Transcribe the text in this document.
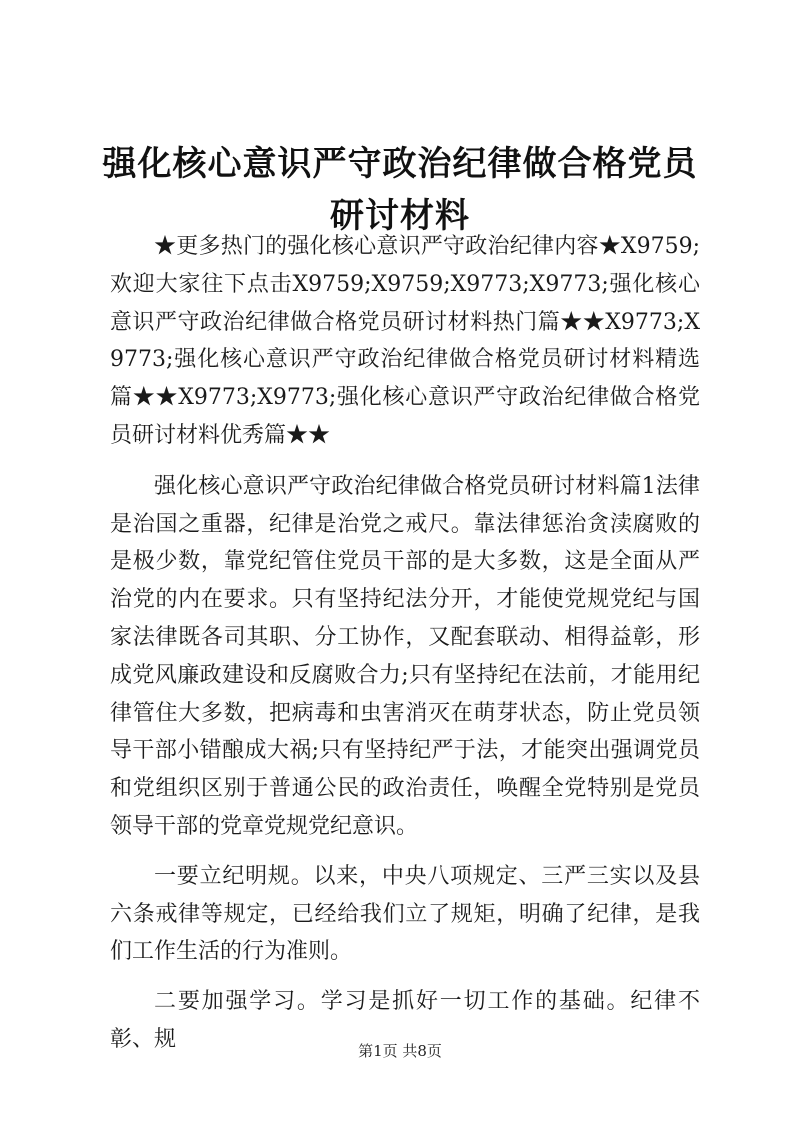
强化核心意识严守政治纪律做合格党员研讨材料

★更多热门的强化核心意识严守政治纪律内容★X9759;欢迎大家往下点击X9759;X9759;X9773;X9773;强化核心意识严守政治纪律做合格党员研讨材料热门篇★★X9773;X9773;强化核心意识严守政治纪律做合格党员研讨材料精选篇★★X9773;X9773;强化核心意识严守政治纪律做合格党员研讨材料优秀篇★★

强化核心意识严守政治纪律做合格党员研讨材料篇1法律是治国之重器，纪律是治党之戒尺。靠法律惩治贪渎腐败的是极少数，靠党纪管住党员干部的是大多数，这是全面从严治党的内在要求。只有坚持纪法分开，才能使党规党纪与国家法律既各司其职、分工协作，又配套联动、相得益彰，形成党风廉政建设和反腐败合力;只有坚持纪在法前，才能用纪律管住大多数，把病毒和虫害消灭在萌芽状态，防止党员领导干部小错酿成大祸;只有坚持纪严于法，才能突出强调党员和党组织区别于普通公民的政治责任，唤醒全党特别是党员领导干部的党章党规党纪意识。

一要立纪明规。以来，中央八项规定、三严三实以及县六条戒律等规定，已经给我们立了规矩，明确了纪律，是我们工作生活的行为准则。

二要加强学习。学习是抓好一切工作的基础。纪律不彰、规	第1页 共8页
